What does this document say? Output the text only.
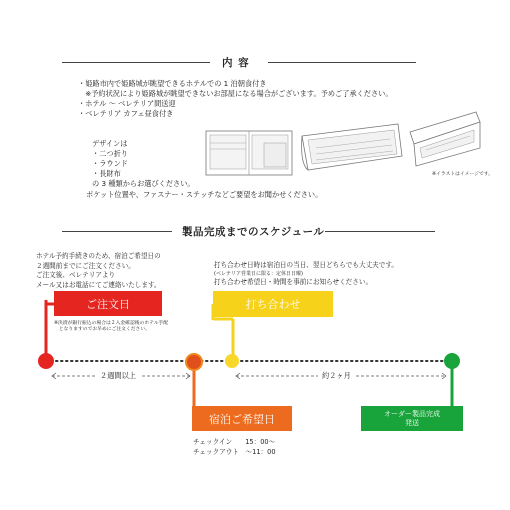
内 容
・姫路市内で姫路城が眺望できるホテルでの 1 泊朝食付き
　※予約状況により姫路城が眺望できないお部屋になる場合がございます。予めご了承ください。
・ホテル 〜 ベレテリア間送迎
・ベレテリア カフェ昼食付き
デザインは
・二つ折り
・ラウンド
・長財布
の 3 種類からお選びください。
ポケット位置や、ファスナー・ステッチなどご要望をお聞かせください。
※イラストはイメージです。
製品完成までのスケジュール
ホテル予約手続きのため、宿泊ご希望日の
２週間前までにご注文ください。
ご注文後、ベレテリアより
メール又はお電話にてご連絡いたします。
打ち合わせ日時は宿泊日の当日、翌日どちらでも大丈夫です。
(ベレテリア営業日に限る：定休日日曜)
打ち合わせ希望日・時間を事前にお知らせください。
ご注文日
※決済が銀行振込の場合は２入金確認後のホテル手配
　となりますのでお早めにご注文ください。
打ち合わせ
宿泊ご希望日
チェックイン　　15：00〜
チェックアウト　〜11：00
オーダー製品完成
発送
２週間以上	約２ヶ月
